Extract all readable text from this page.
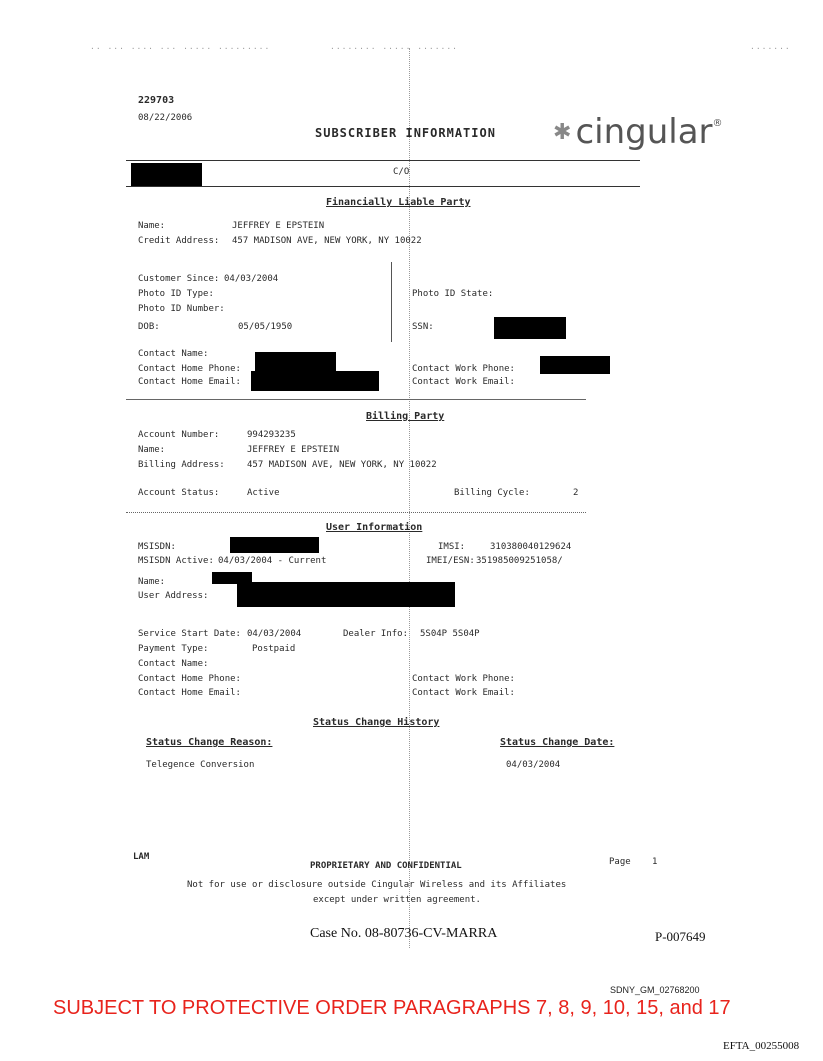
·· ··· ···· ··· ····· ·········	········ ····· ·······	·······
229703
08/22/2006
SUBSCRIBER INFORMATION	✱ cingular ®
C/O
Financially Liable Party
Name:	JEFFREY E EPSTEIN
Credit Address: 457 MADISON AVE, NEW YORK, NY 10022
Customer Since: 04/03/2004
Photo ID Type:	Photo ID State:
Photo ID Number:
DOB:	05/05/1950	SSN:
Contact Name:
Contact Home Phone:	Contact Work Phone:
Contact Home Email:	Contact Work Email:
Billing Party
Account Number:	994293235
Name:	JEFFREY E EPSTEIN
Billing Address: 457 MADISON AVE, NEW YORK, NY 10022
Account Status:	Active	Billing Cycle:	2
User Information
MSISDN:	IMSI:	310380040129624
MSISDN Active: 04/03/2004 - Current	IMEI/ESN: 351985009251058/
Name:
User Address:
Service Start Date: 04/03/2004	Dealer Info: 5S04P 5S04P
Payment Type:	Postpaid
Contact Name:
Contact Home Phone:	Contact Work Phone:
Contact Home Email:	Contact Work Email:
Status Change History
Status Change Reason:	Status Change Date:
Telegence Conversion	04/03/2004
LAM
PROPRIETARY AND CONFIDENTIAL	Page 1
Not for use or disclosure outside Cingular Wireless and its Affiliates
except under written agreement.
Case No. 08-80736-CV-MARRA	P-007649
SDNY_GM_02768200
SUBJECT TO PROTECTIVE ORDER PARAGRAPHS 7, 8, 9, 10, 15, and 17
EFTA_00255008
